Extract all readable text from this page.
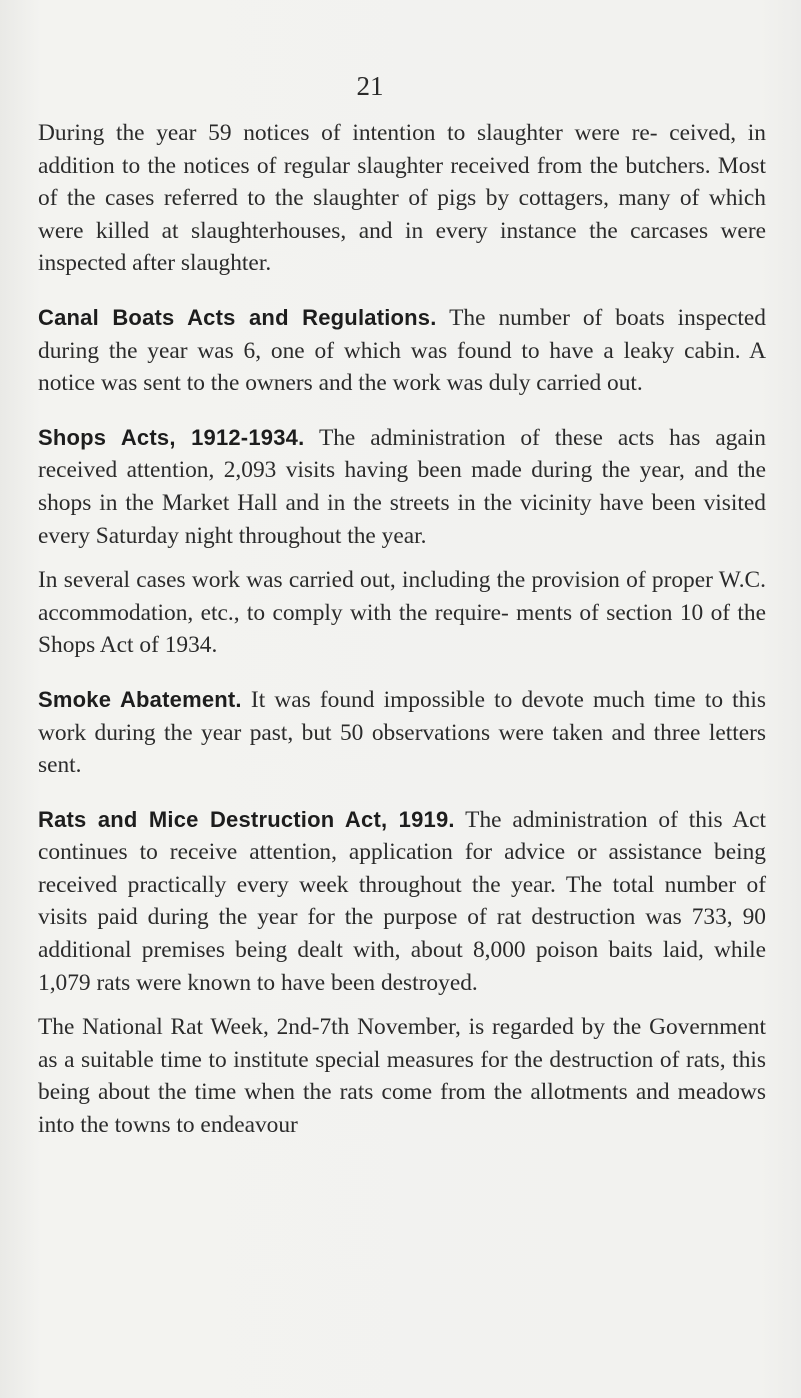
21

During the year 59 notices of intention to slaughter were re- ceived, in addition to the notices of regular slaughter received from the butchers. Most of the cases referred to the slaughter of pigs by cottagers, many of which were killed at slaughterhouses, and in every instance the carcases were inspected after slaughter.

Canal Boats Acts and Regulations. The number of boats inspected during the year was 6, one of which was found to have a leaky cabin. A notice was sent to the owners and the work was duly carried out.

Shops Acts, 1912-1934. The administration of these acts has again received attention, 2,093 visits having been made during the year, and the shops in the Market Hall and in the streets in the vicinity have been visited every Saturday night throughout the year.

In several cases work was carried out, including the provision of proper W.C. accommodation, etc., to comply with the require- ments of section 10 of the Shops Act of 1934.

Smoke Abatement. It was found impossible to devote much time to this work during the year past, but 50 observations were taken and three letters sent.

Rats and Mice Destruction Act, 1919. The administration of this Act continues to receive attention, application for advice or assistance being received practically every week throughout the year. The total number of visits paid during the year for the purpose of rat destruction was 733, 90 additional premises being dealt with, about 8,000 poison baits laid, while 1,079 rats were known to have been destroyed.

The National Rat Week, 2nd-7th November, is regarded by the Government as a suitable time to institute special measures for the destruction of rats, this being about the time when the rats come from the allotments and meadows into the towns to endeavour
